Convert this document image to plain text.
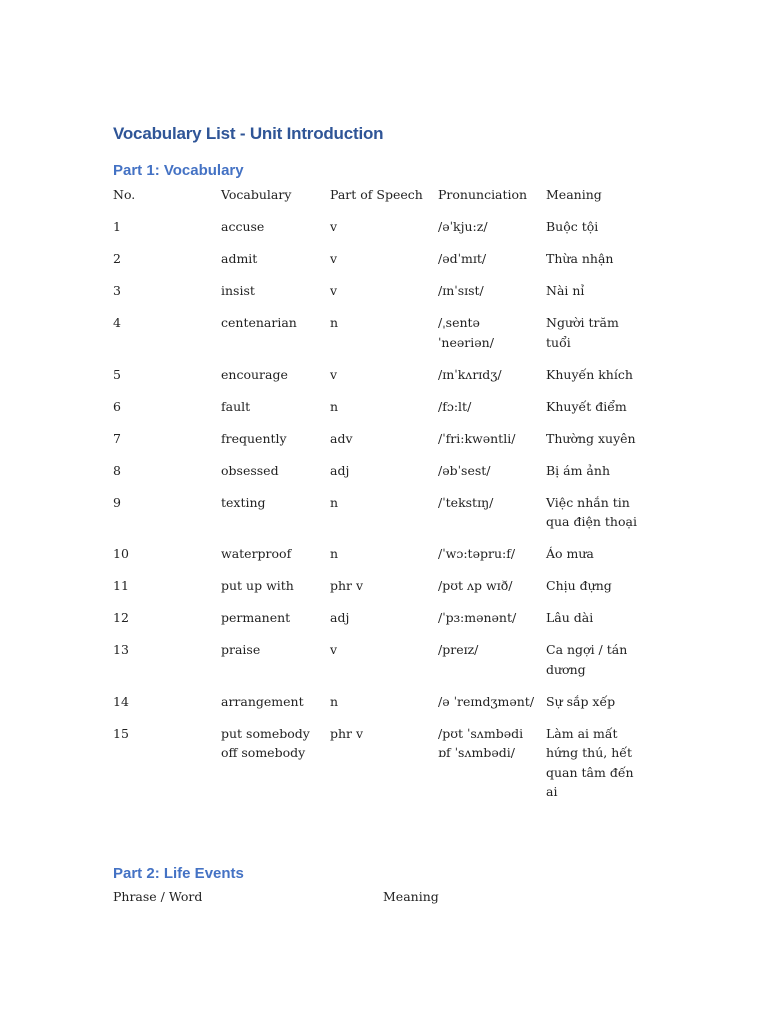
Vocabulary List - Unit Introduction
Part 1: Vocabulary
No.	Vocabulary	Part of Speech	Pronunciation	Meaning
1	accuse	v	/əˈkju:z/	Buộc tội
2	admit	v	/ədˈmɪt/	Thừa nhận
3	insist	v	/ɪnˈsɪst/	Nài nỉ
4	centenarian	n	/ˌsentə ˈneəriən/	Người trăm tuổi
5	encourage	v	/ɪnˈkʌrɪdʒ/	Khuyến khích
6	fault	n	/fɔ:lt/	Khuyết điểm
7	frequently	adv	/ˈfri:kwəntli/	Thường xuyên
8	obsessed	adj	/əbˈsest/	Bị ám ảnh
9	texting	n	/ˈtekstɪŋ/	Việc nhắn tin qua điện thoại
10	waterproof	n	/ˈwɔ:təpru:f/	Áo mưa
11	put up with	phr v	/pʊt ʌp wɪð/	Chịu đựng
12	permanent	adj	/ˈpɜ:mənənt/	Lâu dài
13	praise	v	/preɪz/	Ca ngợi / tán dương
14	arrangement	n	/ə ˈreɪndʒmənt/	Sự sắp xếp
15	put somebody off somebody	phr v	/pʊt ˈsʌmbədi ɒf ˈsʌmbədi/	Làm ai mất hứng thú, hết quan tâm đến ai
Part 2: Life Events
Phrase / Word	Meaning
